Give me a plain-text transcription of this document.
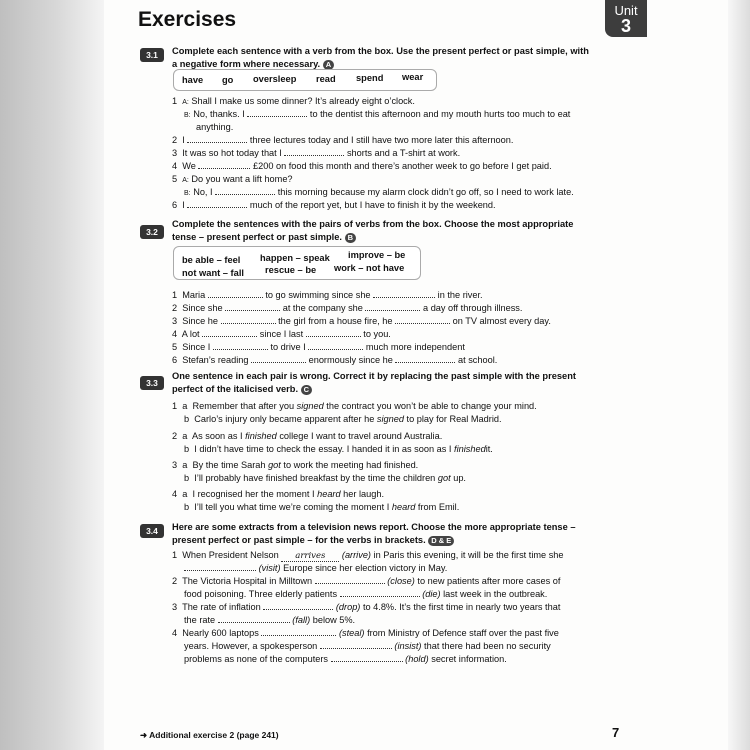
Exercises	Unit
3
3.1	Complete each sentence with a verb from the box. Use the present perfect or past simple, with
a negative form where necessary. A
have go oversleep read spend wear
1 A: Shall I make us some dinner? It’s already eight o’clock.
B: No, thanks. I	to the dentist this afternoon and my mouth hurts too much to eat
anything.
2 I	three lectures today and I still have two more later this afternoon.
3 It was so hot today that I	shorts and a T-shirt at work.
4 We	£200 on food this month and there’s another week to go before I get paid.
5 A: Do you want a lift home?
B: No, I	this morning because my alarm clock didn’t go off, so I need to work late.
6 I	much of the report yet, but I have to finish it by the weekend.
3.2
Complete the sentences with the pairs of verbs from the box. Choose the most appropriate
tense – present perfect or past simple. B
be able – feel happen – speak improve – be
not want – fall rescue – be work – not have
1 Maria	to go swimming since she	in the river.
2 Since she	at the company she	a day off through illness.
3 Since he	the girl from a house fire, he	on TV almost every day.
4 A lot	since I last	to you.
5 Since I	to drive I	much more independent
6 Stefan’s reading	enormously since he	at school.
3.3
One sentence in each pair is wrong. Correct it by replacing the past simple with the present
perfect of the italicised verb. C
1 a Remember that after you signed the contract you won’t be able to change your mind.
b Carlo’s injury only became apparent after he signed to play for Real Madrid.
2 a As soon as I finished college I want to travel around Australia.
b I didn’t have time to check the essay. I handed it in as soon as I finishedit.
3 a By the time Sarah got to work the meeting had finished.
b I’ll probably have finished breakfast by the time the children got up.
4 a I recognised her the moment I heard her laugh.
b I’ll tell you what time we’re coming the moment I heard from Emil.
3.4	Here are some extracts from a television news report. Choose the more appropriate tense –
present perfect or past simple – for the verbs in brackets. D & E
1 When President Nelson arrives (arrive) in Paris this evening, it will be the first time she
(visit) Europe since her election victory in May.
2 The Victoria Hospital in Milltown	(close) to new patients after more cases of
food poisoning. Three elderly patients	(die) last week in the outbreak.
3 The rate of inflation	(drop) to 4.8%. It’s the first time in nearly two years that
the rate	(fall) below 5%.
4 Nearly 600 laptops	(steal) from Ministry of Defence staff over the past five
years. However, a spokesperson	(insist) that there had been no security
problems as none of the computers	(hold) secret information.
➜ Additional exercise 2 (page 241)	7
